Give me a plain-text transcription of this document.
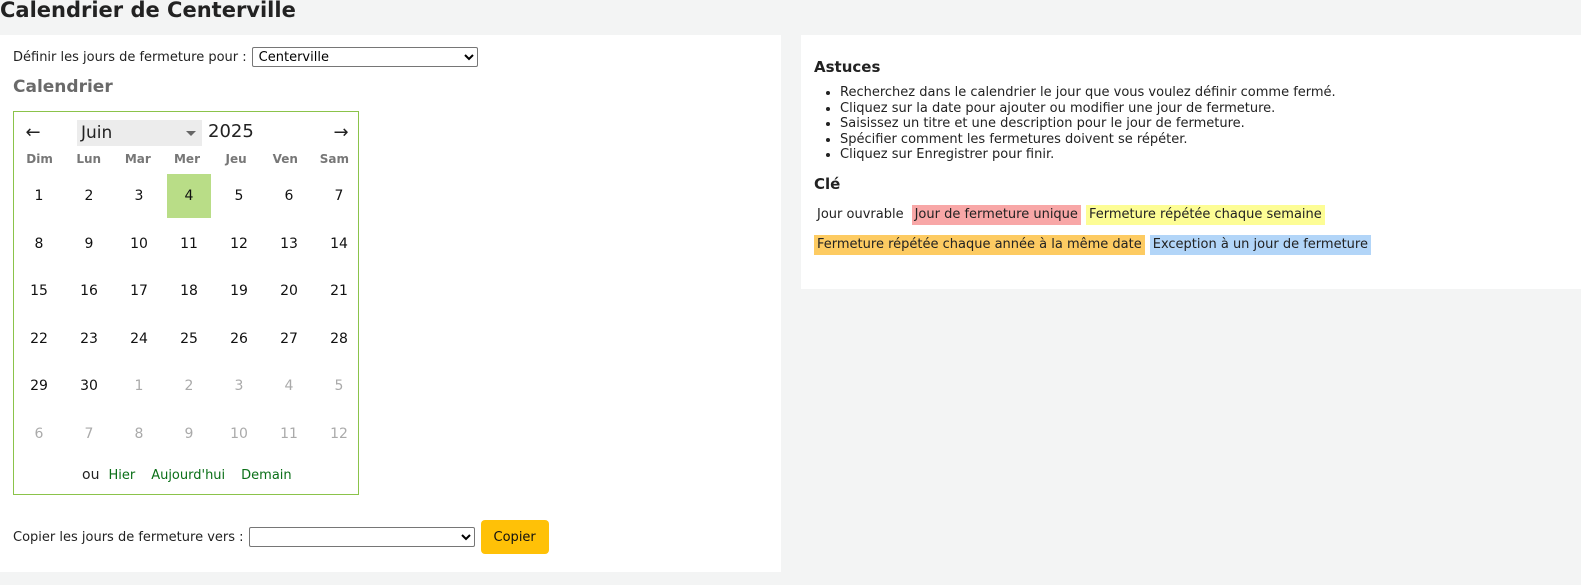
Calendrier de Centerville
Définir les jours de fermeture pour :
Centerville
Calendrier
←	Juin	2025	→
Dim	Lun	Mar	Mer	Jeu	Ven	Sam
1	2	3	4	5	6	7
8	9	10	11	12	13	14
15	16	17	18	19	20	21
22	23	24	25	26	27	28
29	30	1	2	3	4	5
6	7	8	9	10	11	12
ou Hier Aujourd'hui Demain
Copier les jours de fermeture vers :	Copier
Astuces
• Recherchez dans le calendrier le jour que vous voulez définir comme fermé.
• Cliquez sur la date pour ajouter ou modifier une jour de fermeture.
• Saisissez un titre et une description pour le jour de fermeture.
• Spécifier comment les fermetures doivent se répéter.
• Cliquez sur Enregistrer pour finir.
Clé
Jour ouvrable Jour de fermeture unique Fermeture répétée chaque semaine
Fermeture répétée chaque année à la même date Exception à un jour de fermeture
